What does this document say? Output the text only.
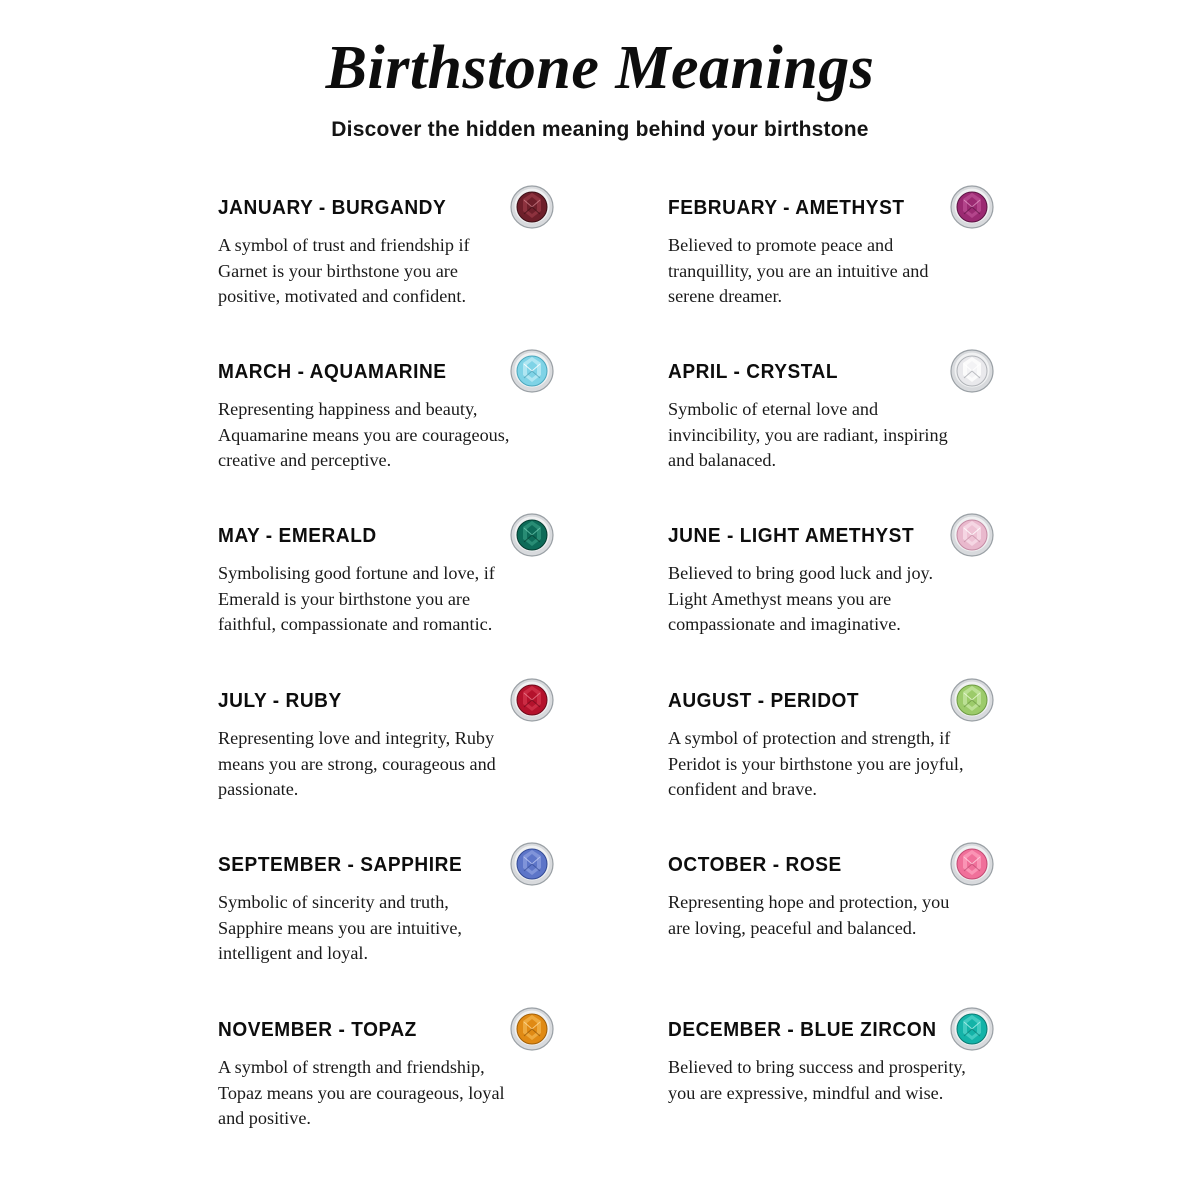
Birthstone Meanings
Discover the hidden meaning behind your birthstone
JANUARY - BURGANDY
A symbol of trust and friendship if Garnet is your birthstone you are positive, motivated and confident.
FEBRUARY - AMETHYST
Believed to promote peace and tranquillity, you are an intuitive and serene dreamer.
MARCH - AQUAMARINE
Representing happiness and beauty, Aquamarine means you are courageous, creative and perceptive.
APRIL - CRYSTAL
Symbolic of eternal love and invincibility, you are radiant, inspiring and balanaced.
MAY - EMERALD
Symbolising good fortune and love, if Emerald is your birthstone you are faithful, compassionate and romantic.
JUNE - LIGHT AMETHYST
Believed to bring good luck and joy. Light Amethyst means you are compassionate and imaginative.
JULY - RUBY
Representing love and integrity, Ruby means you are strong, courageous and passionate.
AUGUST - PERIDOT
A symbol of protection and strength, if Peridot is your birthstone you are joyful, confident and brave.
SEPTEMBER - SAPPHIRE
Symbolic of sincerity and truth, Sapphire means you are intuitive, intelligent and loyal.
OCTOBER - ROSE
Representing hope and protection, you are loving, peaceful and balanced.
NOVEMBER - TOPAZ
A symbol of strength and friendship, Topaz means you are courageous, loyal and positive.
DECEMBER - BLUE ZIRCON
Believed to bring success and prosperity, you are expressive, mindful and wise.
